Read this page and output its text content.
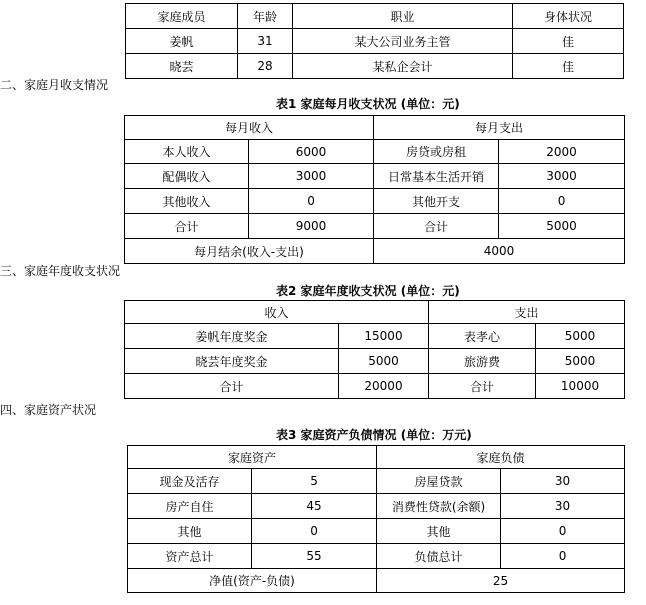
家庭成员	年龄	职业	身体状况
姜帆	31	某大公司业务主管	佳
晓芸	28	某私企会计	佳
二、家庭月收支情况
表1 家庭每月收支状况 (单位：元)
每月收入		每月支出	
本人收入	6000	房贷或房租	2000
配偶收入	3000	日常基本生活开销	3000
其他收入	0	其他开支	0
合计	9000	合计	5000
每月结余(收入-支出)		4000	
三、家庭年度收支状况
表2 家庭年度收支状况 (单位：元)
收入		支出	
姜帆年度奖金	15000	表孝心	5000
晓芸年度奖金	5000	旅游费	5000
合计	20000	合计	10000
四、家庭资产状况
表3 家庭资产负债情况 (单位：万元)
家庭资产		家庭负债	
现金及活存	5	房屋贷款	30
房产自住	45	消费性贷款(余额)	30
其他	0	其他	0
资产总计	55	负债总计	0
净值(资产-负债)		25	
